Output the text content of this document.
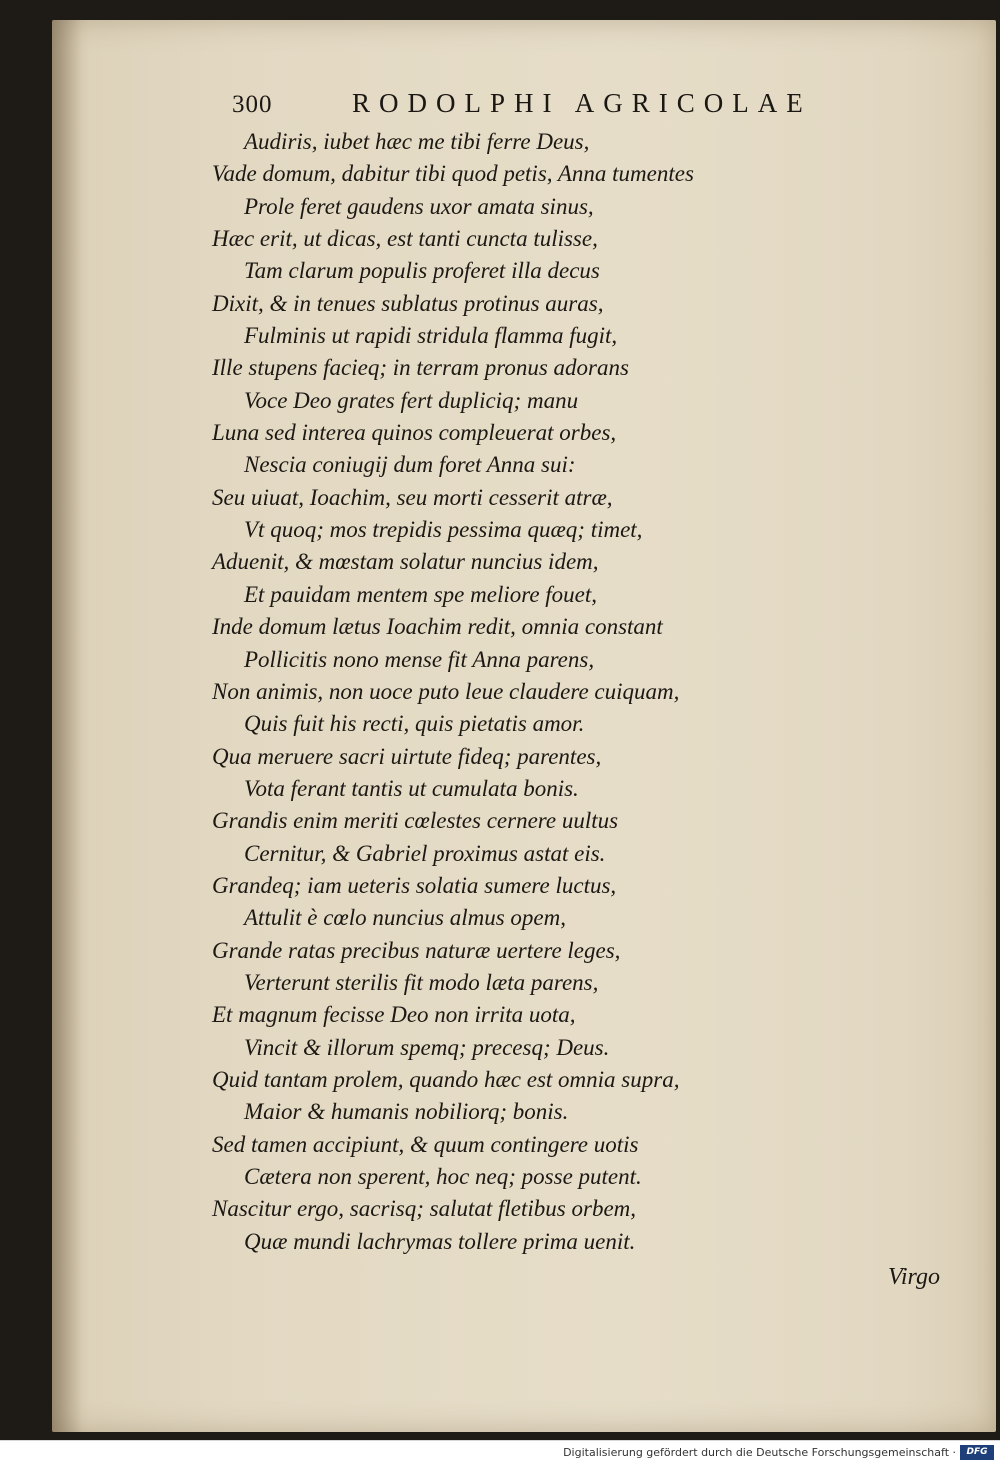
300	RODOLPHI AGRICOLAE
Audiris, iubet hæc me tibi ferre Deus,
Vade domum, dabitur tibi quod petis, Anna tumentes
Prole feret gaudens uxor amata sinus,
Hæc erit, ut dicas, est tanti cuncta tulisse,
Tam clarum populis proferet illa decus
Dixit, & in tenues sublatus protinus auras,
Fulminis ut rapidi stridula flamma fugit,
Ille stupens facieq; in terram pronus adorans
Voce Deo grates fert dupliciq; manu
Luna sed interea quinos compleuerat orbes,
Nescia coniugij dum foret Anna sui:
Seu uiuat, Ioachim, seu morti cesserit atræ,
Vt quoq; mos trepidis pessima quæq; timet,
Aduenit, & mœstam solatur nuncius idem,
Et pauidam mentem spe meliore fouet,
Inde domum lætus Ioachim redit, omnia constant
Pollicitis nono mense fit Anna parens,
Non animis, non uoce puto leue claudere cuiquam,
Quis fuit his recti, quis pietatis amor.
Qua meruere sacri uirtute fideq; parentes,
Vota ferant tantis ut cumulata bonis.
Grandis enim meriti cœlestes cernere uultus
Cernitur, & Gabriel proximus astat eis.
Grandeq; iam ueteris solatia sumere luctus,
Attulit è cœlo nuncius almus opem,
Grande ratas precibus naturæ uertere leges,
Verterunt sterilis fit modo læta parens,
Et magnum fecisse Deo non irrita uota,
Vincit & illorum spemq; precesq; Deus.
Quid tantam prolem, quando hæc est omnia supra,
Maior & humanis nobiliorq; bonis.
Sed tamen accipiunt, & quum contingere uotis
Cætera non sperent, hoc neq; posse putent.
Nascitur ergo, sacrisq; salutat fletibus orbem,
Quæ mundi lachrymas tollere prima uenit.
Virgo
Digitalisierung gefördert durch die Deutsche Forschungsgemeinschaft ·	DFG
